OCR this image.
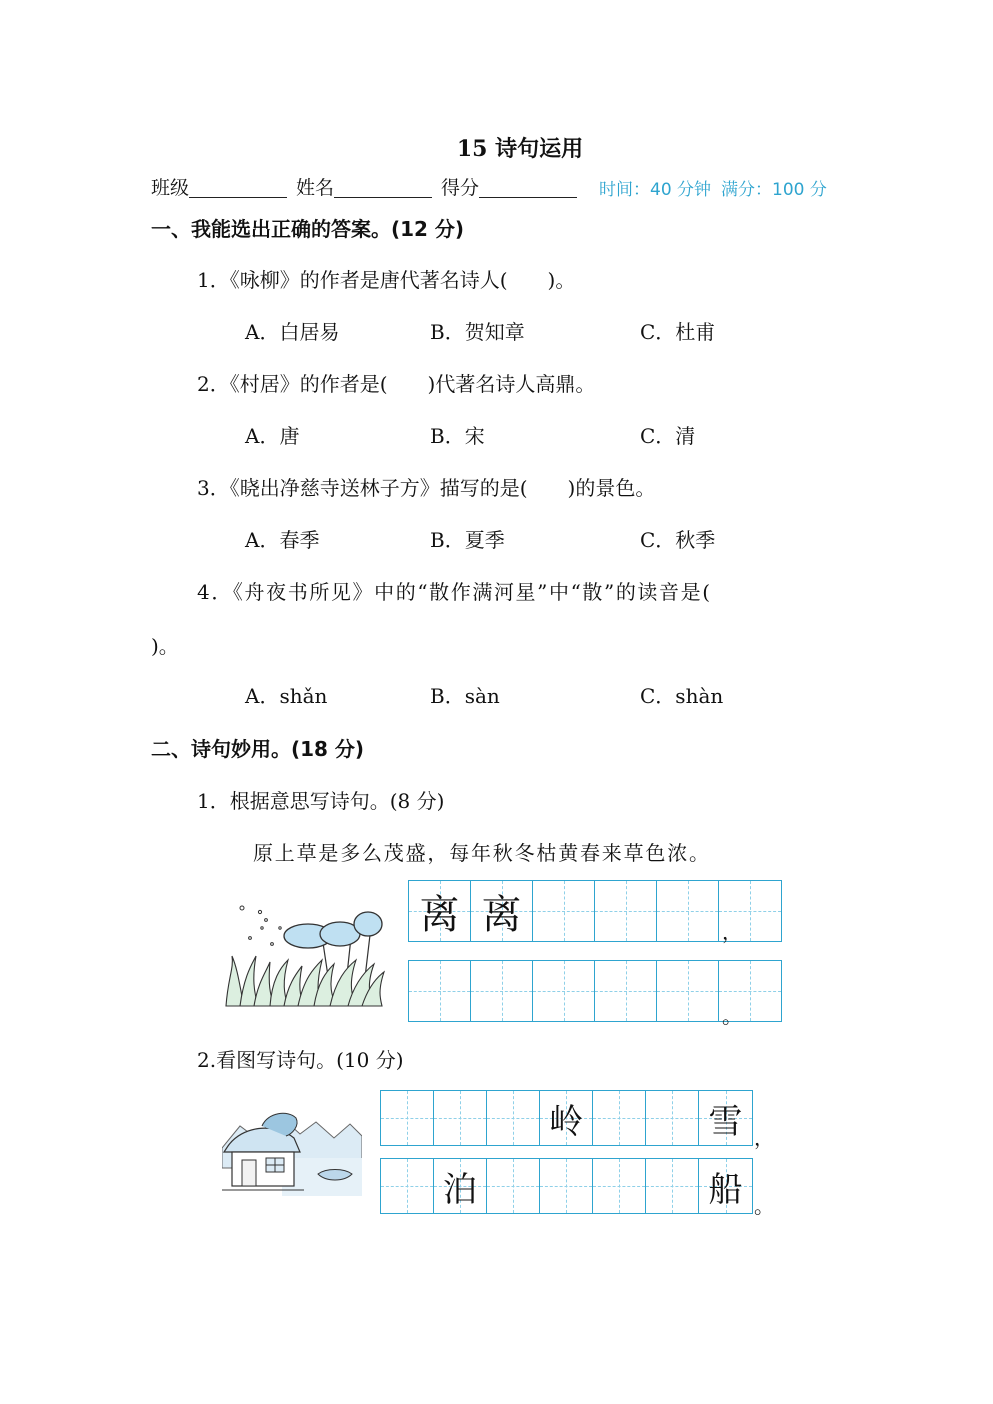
15 诗句运用
班级	姓名	得分	时间：40 分钟 满分：100 分
一、我能选出正确的答案。(12 分)
1．《咏柳》的作者是唐代著名诗人(　　)。
A．白居易	B．贺知章	C．杜甫
2．《村居》的作者是(　　)代著名诗人高鼎。
A．唐	B．宋	C．清
3．《晓出净慈寺送林子方》描写的是(　　)的景色。
A．春季	B．夏季	C．秋季
4．《舟夜书所见》中的“散作满河星”中“散”的读音是(
)。
A．shǎn	B．sàn	C．shàn
二、诗句妙用。(18 分)
1．根据意思写诗句。(8 分)
原上草是多么茂盛，每年秋冬枯黄春来草色浓。
离 离	，
。
2.看图写诗句。(10 分)
岭	雪 ，
泊	船 。
